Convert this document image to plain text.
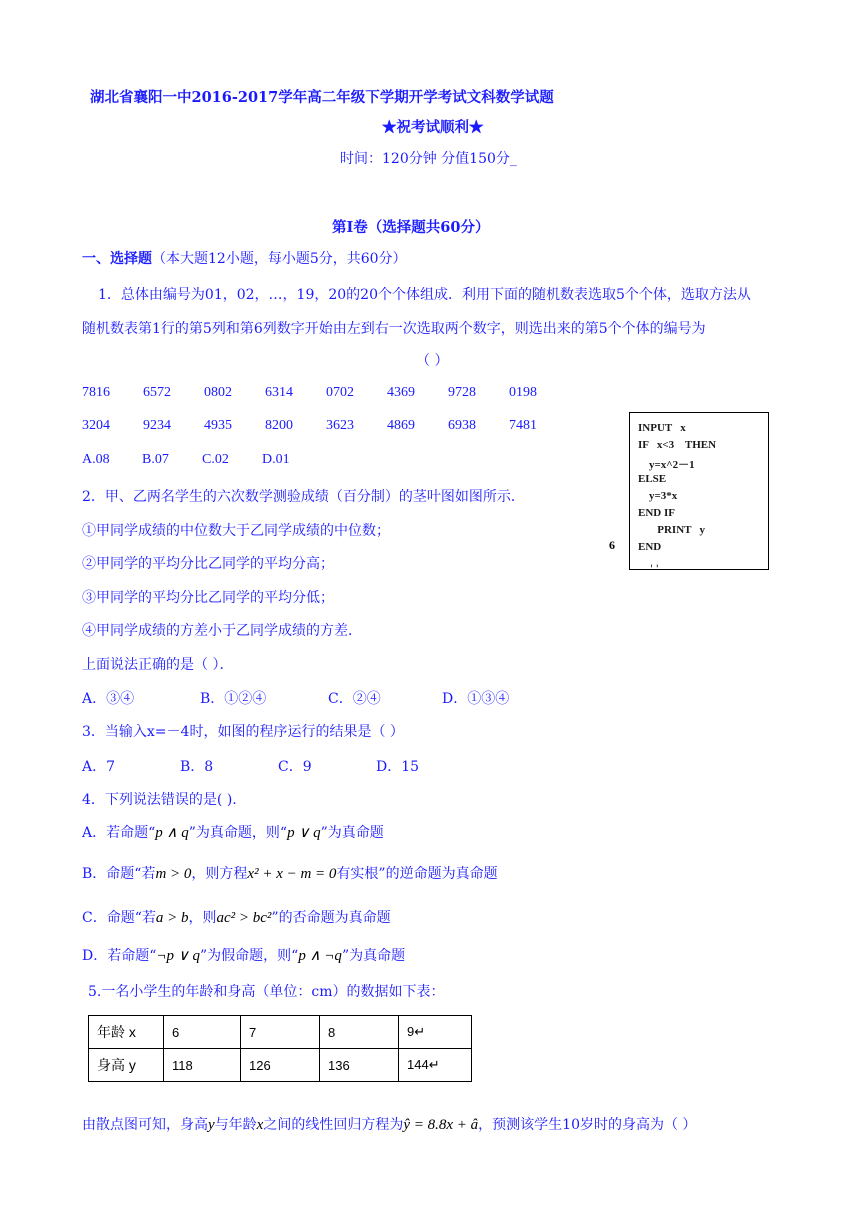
湖北省襄阳一中2016-2017学年高二年级下学期开学考试文科数学试题
★祝考试顺利★
时间：120分钟 分值150分_
第Ⅰ卷（选择题共60分）
一、选择题（本大题12小题，每小题5分，共60分）
1．总体由编号为01，02，…，19，20的20个个体组成．利用下面的随机数表选取5个个体，选取方法从
随机数表第1行的第5列和第6列数字开始由左到右一次选取两个数字，则选出来的第5个个体的编号为
（ ）
7816 6572 0802 6314 0702 4369 9728 0198
3204 9234 4935 8200 3623 4869 6938 7481
A.08 B.07 C.02 D.01
INPUT   x
IF   x<3    THEN
y=x^2－1
ELSE
y=3*x
END IF
PRINT   y
END
6
' '
2．甲、乙两名学生的六次数学测验成绩（百分制）的茎叶图如图所示．
①甲同学成绩的中位数大于乙同学成绩的中位数；
②甲同学的平均分比乙同学的平均分高；
③甲同学的平均分比乙同学的平均分低；
④甲同学成绩的方差小于乙同学成绩的方差．
上面说法正确的是（ ）．
A．③④	B．①②④	C．②④	D．①③④
3．当输入x=－4时，如图的程序运行的结果是（ ）
A．7	B．8	C．9	D．15
4．下列说法错误的是( ).
A．若命题“p ∧ q”为真命题，则“p ∨ q”为真命题
B．命题“若m > 0，则方程x² + x − m = 0有实根”的逆命题为真命题
C．命题“若a > b，则ac² > bc²”的否命题为真命题
D．若命题“¬p ∨ q”为假命题，则“p ∧ ¬q”为真命题
5.一名小学生的年龄和身高（单位：cm）的数据如下表：
年龄 x	6	7	8	9↵
身高 y	118	126	136	144↵
由散点图可知，身高y与年龄x之间的线性回归方程为ŷ = 8.8x + â，预测该学生10岁时的身高为（ ）
